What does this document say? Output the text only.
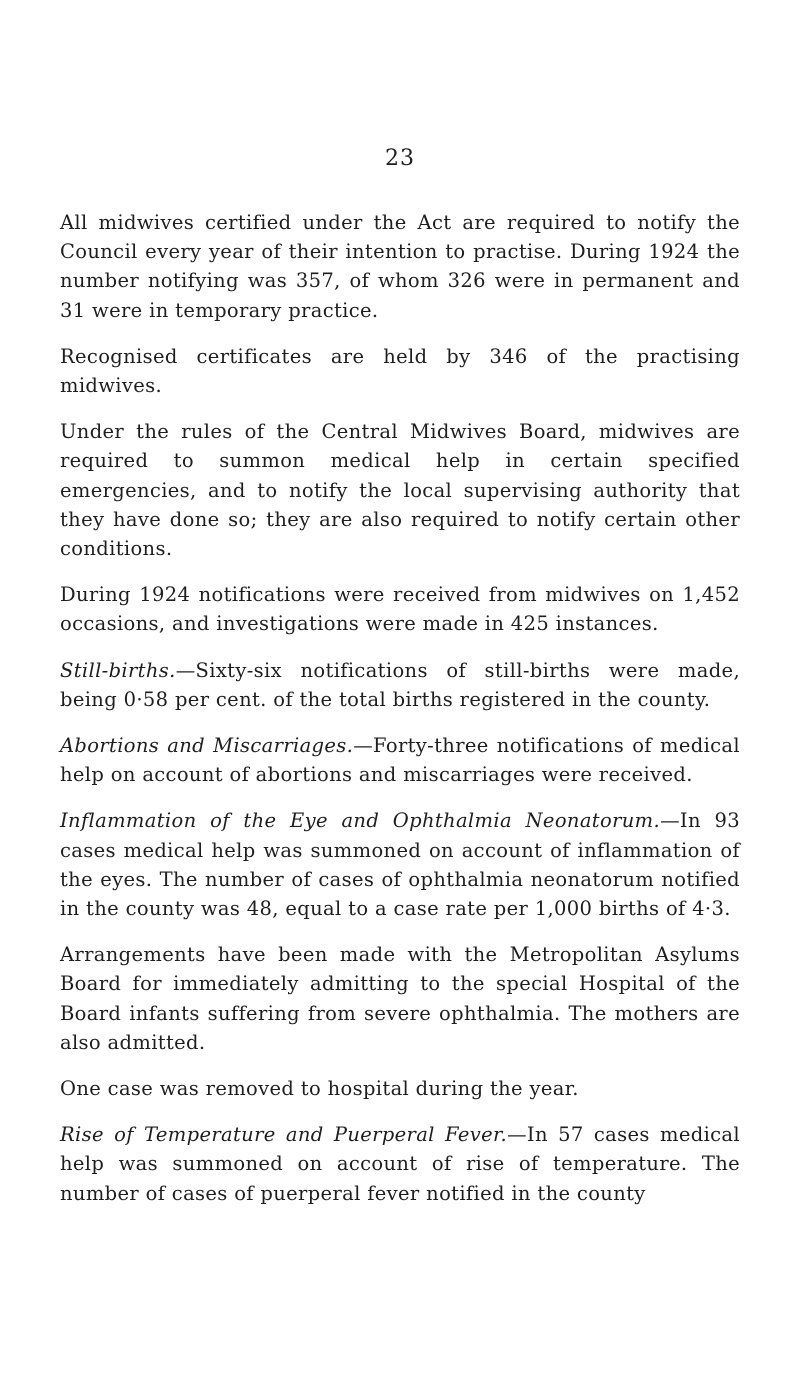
23

All midwives certified under the Act are required to notify the Council every year of their intention to practise. During 1924 the number notifying was 357, of whom 326 were in permanent and 31 were in temporary practice.

Recognised certificates are held by 346 of the practising midwives.

Under the rules of the Central Midwives Board, midwives are required to summon medical help in certain specified emergencies, and to notify the local supervising authority that they have done so; they are also required to notify certain other conditions.

During 1924 notifications were received from midwives on 1,452 occasions, and investigations were made in 425 instances.

Still-births.—Sixty-six notifications of still-births were made, being 0·58 per cent. of the total births registered in the county.

Abortions and Miscarriages.—Forty-three notifications of medical help on account of abortions and miscarriages were received.

Inflammation of the Eye and Ophthalmia Neonatorum.—In 93 cases medical help was summoned on account of inflammation of the eyes. The number of cases of ophthalmia neonatorum notified in the county was 48, equal to a case rate per 1,000 births of 4·3.

Arrangements have been made with the Metropolitan Asylums Board for immediately admitting to the special Hospital of the Board infants suffering from severe ophthalmia. The mothers are also admitted.

One case was removed to hospital during the year.

Rise of Temperature and Puerperal Fever.—In 57 cases medical help was summoned on account of rise of temperature. The number of cases of puerperal fever notified in the county
